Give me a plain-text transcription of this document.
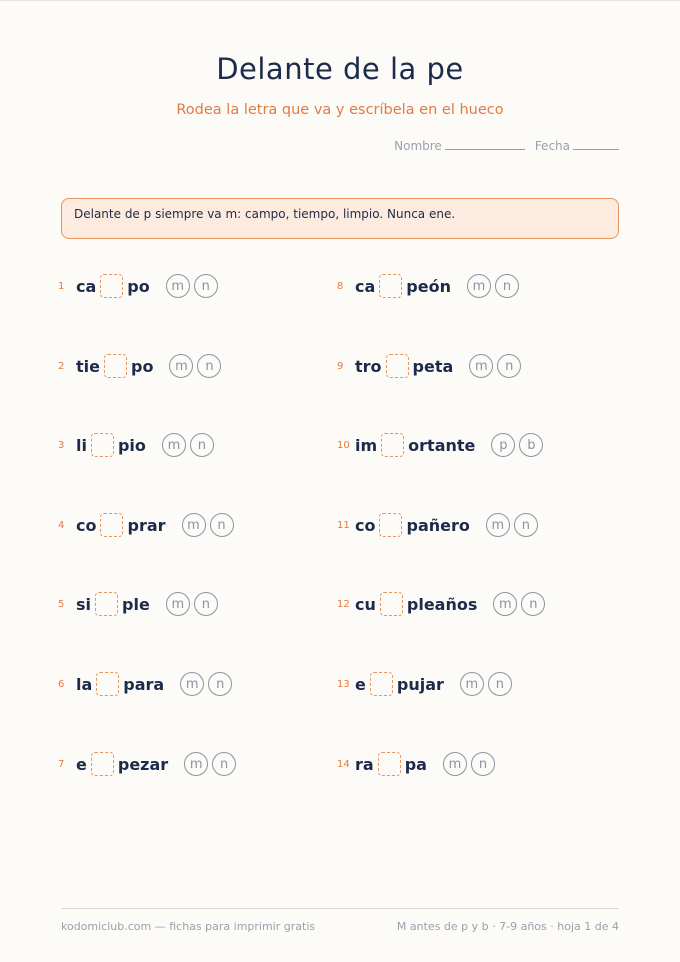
Delante de la pe

Rodea la letra que va y escríbela en el hueco

Nombre	Fecha
Delante de p siempre va m: campo, tiempo, limpio. Nunca ene.
1 ca po	m	n
2 tie po	m	n
3 li pio	m	n
4 co prar	m	n
5 si ple	m	n
6 la para	m	n
7 e pezar	m	n
8 ca peón	m	n
9 tro peta	m	n
10 im ortante	p	b
11 co pañero	m	n
12 cu pleaños	m	n
13 e pujar	m	n
14 ra pa	m	n
kodomiclub.com — fichas para imprimir gratis	M antes de p y b · 7-9 años · hoja 1 de 4
